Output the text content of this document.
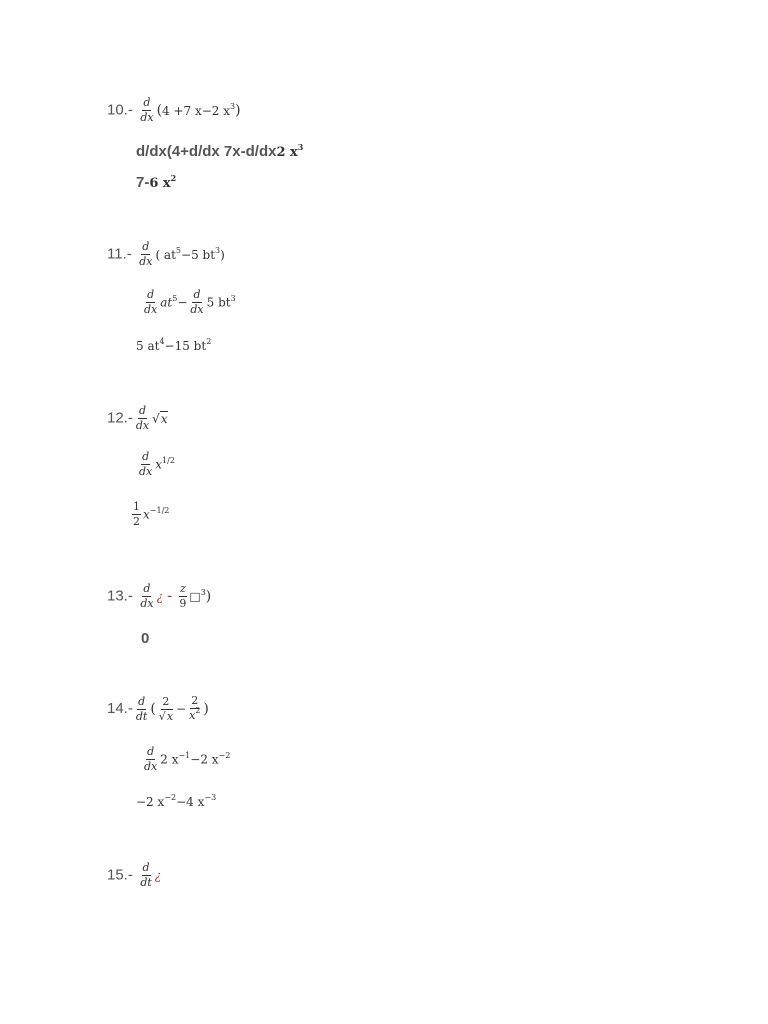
$10.- \frac{d}{dx} (4 +7$ x−2 $x^3$)
d/dx(4+d/dx 7x-d/dx2 $x^3$
7-6 $x^2$
$11.- \frac{d}{dx}$ ( $at^5-5$ $bt^3$)
$\frac{d}{dx} at^5- \frac{d}{dx} 5$ $bt^3$
5 $at^4-15$ $bt^2$
$12.- \frac{d}{dx} √x$
$\frac{d}{dx} x^{1/2}$
$\frac{1}{2} x^{-1/2}$
$13.- \frac{d}{dx}$ ¿ - $\frac{z}{9}$ □$^3$)
0
$14.- \frac{d}{dt}$ ( $\frac{2}{√x} - \frac{2}{x^2}$ )
$\frac{d}{dx} 2$ $x^{-1}-2$ $x^{-2}$
−2 $x^{-2}-4$ $x^{-3}$
$15.- \frac{d}{dt}$ ¿
